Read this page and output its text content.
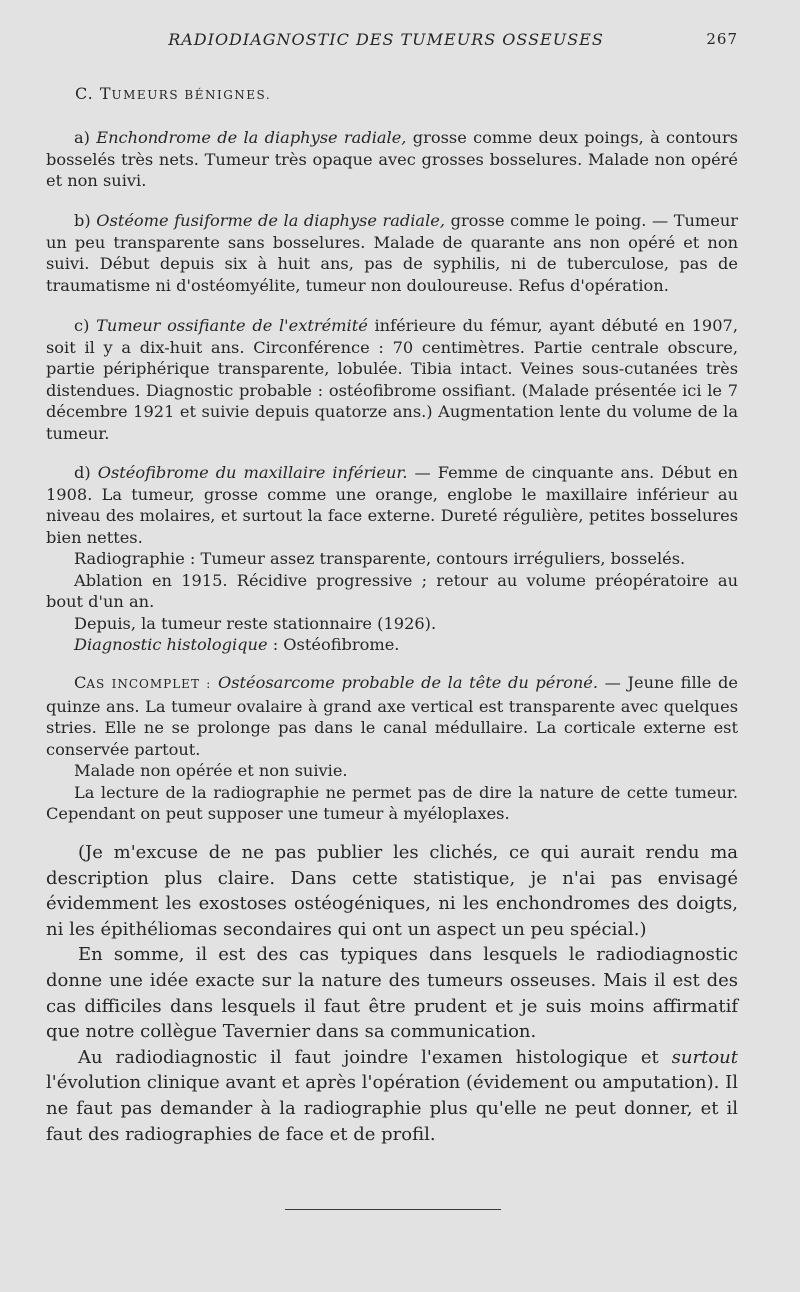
RADIODIAGNOSTIC DES TUMEURS OSSEUSES	267
C. TUMEURS BÉNIGNES.

a) Enchondrome de la diaphyse radiale, grosse comme deux poings, à contours bosselés très nets. Tumeur très opaque avec grosses bosselures. Malade non opéré et non suivi.

b) Ostéome fusiforme de la diaphyse radiale, grosse comme le poing. — Tumeur un peu transparente sans bosselures. Malade de quarante ans non opéré et non suivi. Début depuis six à huit ans, pas de syphilis, ni de tuberculose, pas de traumatisme ni d'ostéomyélite, tumeur non douloureuse. Refus d'opération.

c) Tumeur ossifiante de l'extrémité inférieure du fémur, ayant débuté en 1907, soit il y a dix-huit ans. Circonférence : 70 centimètres. Partie centrale obscure, partie périphérique transparente, lobulée. Tibia intact. Veines sous-cutanées très distendues. Diagnostic probable : ostéofibrome ossifiant. (Malade présentée ici le 7 décembre 1921 et suivie depuis quatorze ans.) Augmentation lente du volume de la tumeur.

d) Ostéofibrome du maxillaire inférieur. — Femme de cinquante ans. Début en 1908. La tumeur, grosse comme une orange, englobe le maxillaire inférieur au niveau des molaires, et surtout la face externe. Dureté régulière, petites bosselures bien nettes.

Radiographie : Tumeur assez transparente, contours irréguliers, bosselés.

Ablation en 1915. Récidive progressive ; retour au volume préopératoire au bout d'un an.

Depuis, la tumeur reste stationnaire (1926).

Diagnostic histologique : Ostéofibrome.

CAS INCOMPLET : Ostéosarcome probable de la tête du péroné. — Jeune fille de quinze ans. La tumeur ovalaire à grand axe vertical est transparente avec quelques stries. Elle ne se prolonge pas dans le canal médullaire. La corticale externe est conservée partout.

Malade non opérée et non suivie.

La lecture de la radiographie ne permet pas de dire la nature de cette tumeur. Cependant on peut supposer une tumeur à myéloplaxes.

(Je m'excuse de ne pas publier les clichés, ce qui aurait rendu ma description plus claire. Dans cette statistique, je n'ai pas envisagé évidemment les exostoses ostéogéniques, ni les enchondromes des doigts, ni les épithéliomas secondaires qui ont un aspect un peu spécial.)

En somme, il est des cas typiques dans lesquels le radiodiagnostic donne une idée exacte sur la nature des tumeurs osseuses. Mais il est des cas difficiles dans lesquels il faut être prudent et je suis moins affirmatif que notre collègue Tavernier dans sa communication.

Au radiodiagnostic il faut joindre l'examen histologique et surtout l'évolution clinique avant et après l'opération (évidement ou amputation). Il ne faut pas demander à la radiographie plus qu'elle ne peut donner, et il faut des radiographies de face et de profil.
